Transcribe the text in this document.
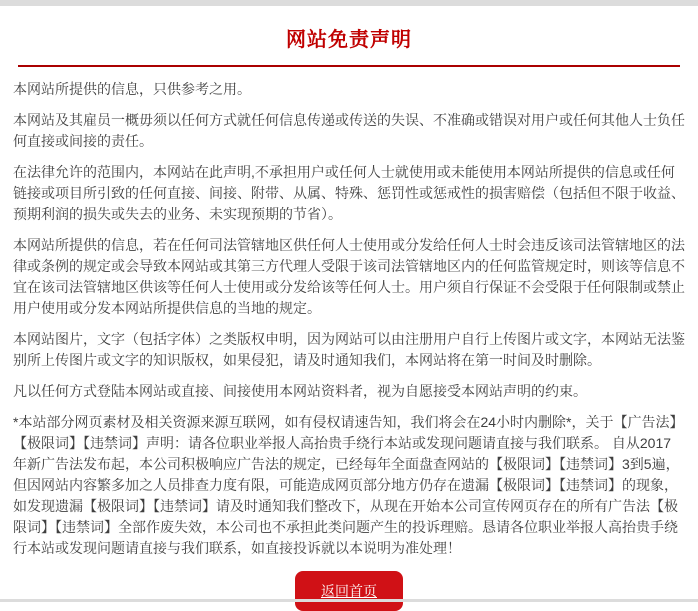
网站免责声明

本网站所提供的信息，只供参考之用。

本网站及其雇员一概毋须以任何方式就任何信息传递或传送的失误、不准确或错误对用户或任何其他人士负任何直接或间接的责任。

在法律允许的范围内，本网站在此声明,不承担用户或任何人士就使用或未能使用本网站所提供的信息或任何链接或项目所引致的任何直接、间接、附带、从属、特殊、惩罚性或惩戒性的损害赔偿（包括但不限于收益、预期利润的损失或失去的业务、未实现预期的节省）。

本网站所提供的信息，若在任何司法管辖地区供任何人士使用或分发给任何人士时会违反该司法管辖地区的法律或条例的规定或会导致本网站或其第三方代理人受限于该司法管辖地区内的任何监管规定时，则该等信息不宜在该司法管辖地区供该等任何人士使用或分发给该等任何人士。用户须自行保证不会受限于任何限制或禁止用户使用或分发本网站所提供信息的当地的规定。

本网站图片，文字（包括字体）之类版权申明，因为网站可以由注册用户自行上传图片或文字，本网站无法鉴别所上传图片或文字的知识版权，如果侵犯，请及时通知我们，本网站将在第一时间及时删除。

凡以任何方式登陆本网站或直接、间接使用本网站资料者，视为自愿接受本网站声明的约束。

*本站部分网页素材及相关资源来源互联网，如有侵权请速告知，我们将会在24小时内删除*，关于【广告法】【极限词】【违禁词】声明：请各位职业举报人高抬贵手绕行本站或发现问题请直接与我们联系。 自从2017年新广告法发布起，本公司积极响应广告法的规定，已经每年全面盘查网站的【极限词】【违禁词】3到5遍，但因网站内容繁多加之人员排查力度有限，可能造成网页部分地方仍存在遗漏【极限词】【违禁词】的现象，如发现遗漏【极限词】【违禁词】请及时通知我们整改下，从现在开始本公司宣传网页存在的所有广告法【极限词】【违禁词】全部作废失效，本公司也不承担此类问题产生的投诉理赔。恳请各位职业举报人高抬贵手绕行本站或发现问题请直接与我们联系，如直接投诉就以本说明为准处理！

返回首页
